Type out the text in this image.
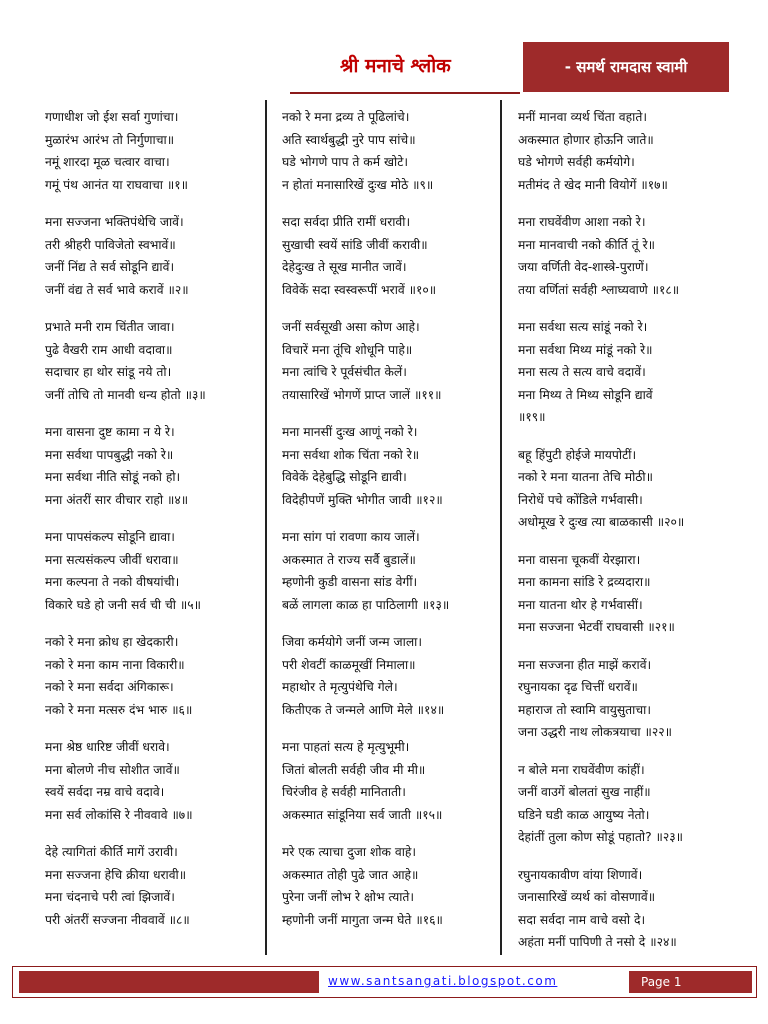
श्री मनाचे श्लोक	- समर्थ रामदास स्वामी
गणाधीश जो ईश सर्वा गुणांचा।
मुळारंभ आरंभ तो निर्गुणाचा॥
नमूं शारदा मूळ चत्वार वाचा।
गमूं पंथ आनंत या राघवाचा ॥१॥
मना सज्जना भक्तिपंथेचि जावें।
तरी श्रीहरी पाविजेतो स्वभावें॥
जनीं निंद्य ते सर्व सोडूनि द्यावें।
जनीं वंद्य ते सर्व भावे करावें ॥२॥
प्रभाते मनी राम चिंतीत जावा।
पुढे वैखरी राम आधी वदावा॥
सदाचार हा थोर सांडू नये तो।
जनीं तोचि तो मानवी धन्य होतो ॥३॥
मना वासना दुष्ट कामा न ये रे।
मना सर्वथा पापबुद्धी नको रे॥
मना सर्वथा नीति सोडूं नको हो।
मना अंतरीं सार वीचार राहो ॥४॥
मना पापसंकल्प सोडूनि द्यावा।
मना सत्यसंकल्प जीवीं धरावा॥
मना कल्पना ते नको वीषयांची।
विकारे घडे हो जनी सर्व ची ची ॥५॥
नको रे मना क्रोध हा खेदकारी।
नको रे मना काम नाना विकारी॥
नको रे मना सर्वदा अंगिकारू।
नको रे मना मत्सरु दंभ भारु ॥६॥
मना श्रेष्ठ धारिष्ट जीवीं धरावे।
मना बोलणे नीच सोशीत जावें॥
स्वयें सर्वदा नम्र वाचे वदावे।
मना सर्व लोकांसि रे नीववावे ॥७॥
देहे त्यागितां कीर्ति मागें उरावी।
मना सज्जना हेचि क्रीया धरावी॥
मना चंदनाचे परी त्वां झिजावें।
परी अंतरीं सज्जना नीववावें ॥८॥
नको रे मना द्रव्य ते पूढिलांचे।
अति स्वार्थबुद्धी नुरे पाप सांचे॥
घडे भोगणे पाप ते कर्म खोटे।
न होतां मनासारिखें दुःख मोठे ॥९॥
सदा सर्वदा प्रीति रामीं धरावी।
सुखाची स्वयें सांडि जीवीं करावी॥
देहेदुःख ते सूख मानीत जावें।
विवेकें सदा स्वस्वरूपीं भरावें ॥१०॥
जनीं सर्वसूखी असा कोण आहे।
विचारें मना तूंचि शोधूनि पाहे॥
मना त्वांचि रे पूर्वसंचीत केलें।
तयासारिखें भोगणें प्राप्त जालें ॥११॥
मना मानसीं दुःख आणूं नको रे।
मना सर्वथा शोक चिंता नको रे॥
विवेकें देहेबुद्धि सोडूनि द्यावी।
विदेहीपणें मुक्ति भोगीत जावी ॥१२॥
मना सांग पां रावणा काय जालें।
अकस्मात ते राज्य सर्वै बुडालें॥
म्हणोनी कुडी वासना सांड वेगीं।
बळें लागला काळ हा पाठिलागी ॥१३॥
जिवा कर्मयोगे जनीं जन्म जाला।
परी शेवटीं काळमूखीं निमाला॥
महाथोर ते मृत्युपंथेचि गेले।
कितीएक ते जन्मले आणि मेले ॥१४॥
मना पाहतां सत्य हे मृत्युभूमी।
जितां बोलती सर्वही जीव मी मी॥
चिरंजीव हे सर्वही मानिताती।
अकस्मात सांडूनिया सर्व जाती ॥१५॥
मरे एक त्याचा दुजा शोक वाहे।
अकस्मात तोही पुढे जात आहे॥
पुरेना जनीं लोभ रे क्षोभ त्याते।
म्हणोनी जनीं मागुता जन्म घेते ॥१६॥
मनीं मानवा व्यर्थ चिंता वहाते।
अकस्मात होणार होऊनि जाते॥
घडे भोगणे सर्वही कर्मयोगे।
मतीमंद ते खेद मानी वियोगें ॥१७॥
मना राघवेंवीण आशा नको रे।
मना मानवाची नको कीर्ति तूं रे॥
जया वर्णिती वेद-शास्त्रे-पुराणें।
तया वर्णितां सर्वही श्लाघ्यवाणे ॥१८॥
मना सर्वथा सत्य सांडूं नको रे।
मना सर्वथा मिथ्य मांडूं नको रे॥
मना सत्य ते सत्य वाचे वदावें।
मना मिथ्य ते मिथ्य सोडूनि द्यावें
॥१९॥
बहू हिंपुटी होईजे मायपोटीं।
नको रे मना यातना तेचि मोठी॥
निरोधें पचे कोंडिले गर्भवासी।
अधोमूख रे दुःख त्या बाळकासी ॥२०॥
मना वासना चूकवीं येरझारा।
मना कामना सांडि रे द्रव्यदारा॥
मना यातना थोर हे गर्भवासीं।
मना सज्जना भेटवीं राघवासी ॥२१॥
मना सज्जना हीत माझें करावें।
रघुनायका दृढ चित्तीं धरावें॥
महाराज तो स्वामि वायुसुताचा।
जना उद्धरी नाथ लोकत्रयाचा ॥२२॥
न बोले मना राघवेंवीण कांहीं।
जनीं वाउगें बोलतां सुख नाहीं॥
घडिने घडी काळ आयुष्य नेतो।
देहांतीं तुला कोण सोडूं पहातो? ॥२३॥
रघुनायकावीण वांया शिणावें।
जनासारिखें व्यर्थ कां वोसणावें॥
सदा सर्वदा नाम वाचे वसो दे।
अहंता मनीं पापिणी ते नसो दे ॥२४॥
www.santsangati.blogspot.com	Page 1
